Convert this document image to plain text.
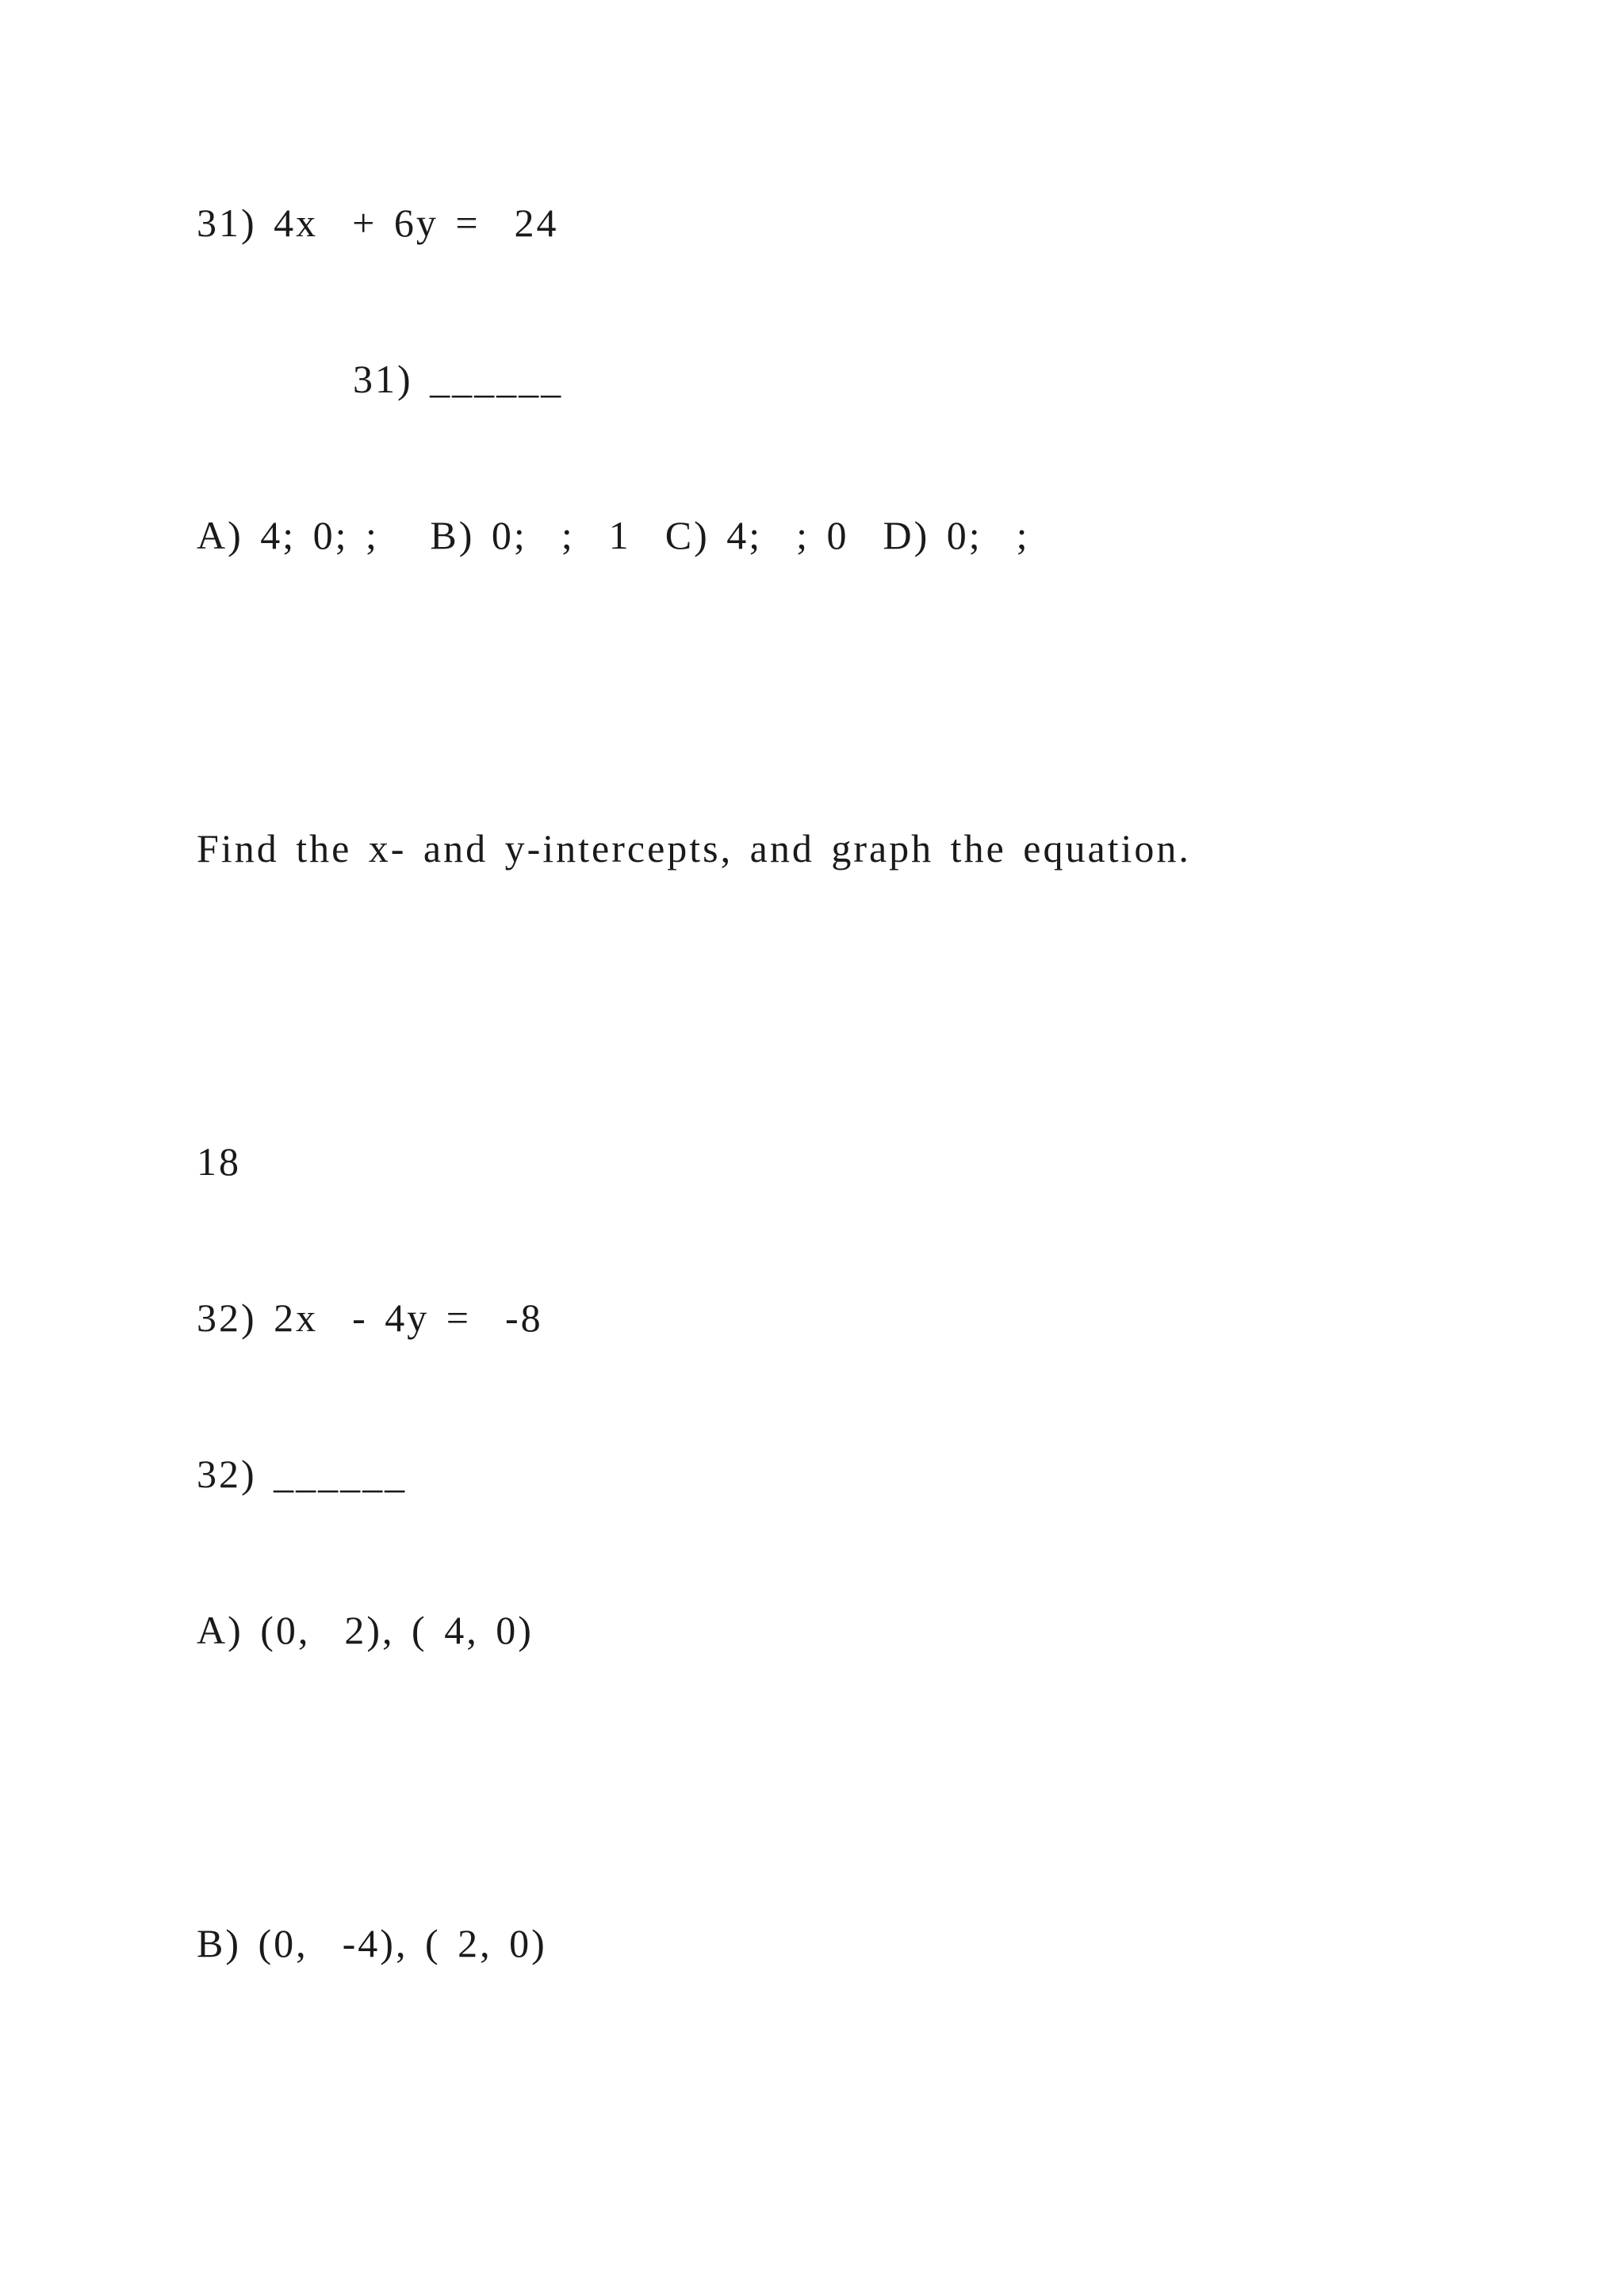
31) 4x  + 6y =  24
31) ______
A) 4; 0; ;   B) 0;  ;  1  C) 4;  ; 0  D) 0;  ;
Find the x- and y-intercepts, and graph the equation.
18
32) 2x  - 4y =  -8
32) ______
A) (0,  2), ( 4, 0)
B) (0,  -4), ( 2, 0)
